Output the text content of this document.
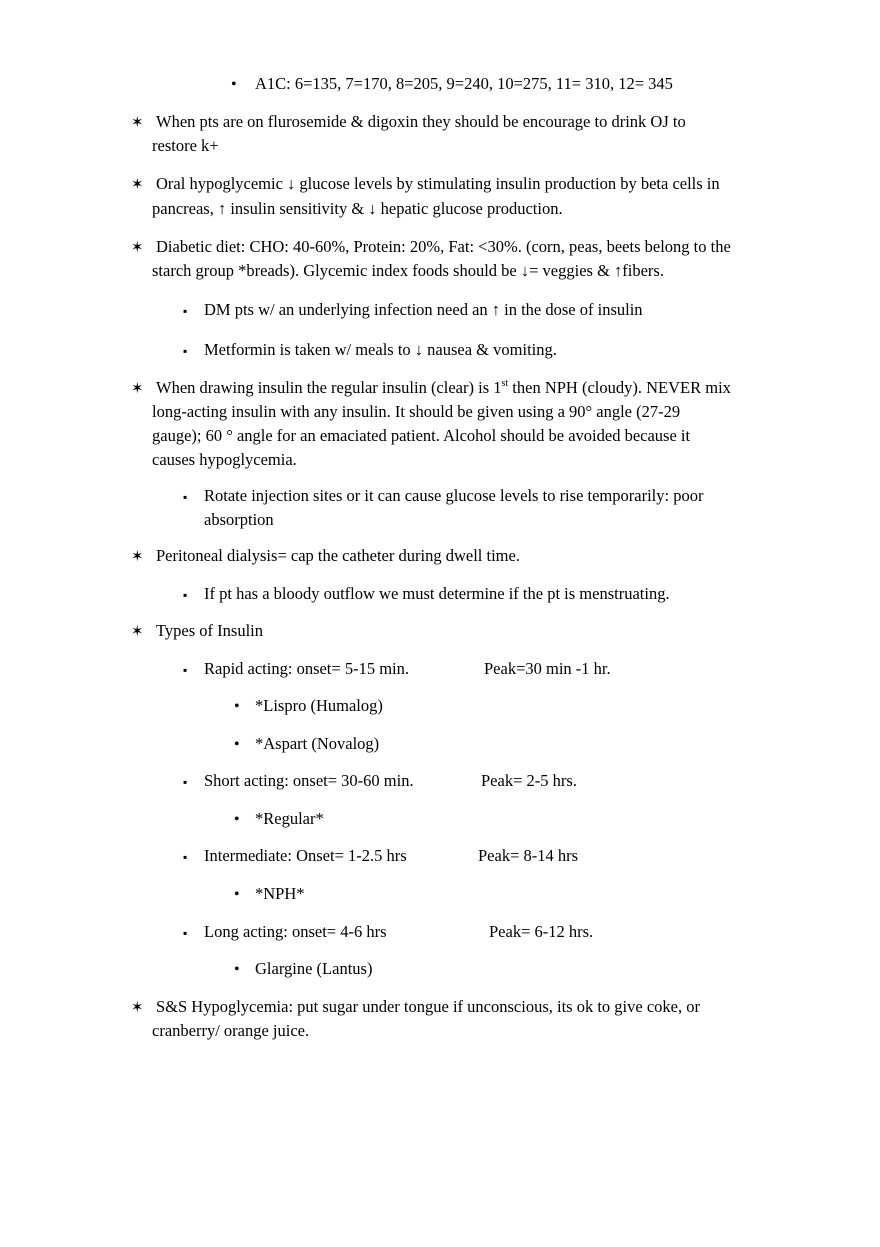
• A1C: 6=135, 7=170, 8=205, 9=240, 10=275, 11= 310, 12= 345
✶ When pts are on flurosemide & digoxin they should be encourage to drink OJ to
restore k+
✶ Oral hypoglycemic ↓ glucose levels by stimulating insulin production by beta cells in
pancreas, ↑ insulin sensitivity & ↓ hepatic glucose production.
✶ Diabetic diet: CHO: 40-60%, Protein: 20%, Fat: <30%. (corn, peas, beets belong to the
starch group *breads). Glycemic index foods should be ↓= veggies & ↑fibers.
▪ DM pts w/ an underlying infection need an ↑ in the dose of insulin
▪ Metformin is taken w/ meals to ↓ nausea & vomiting.
✶ When drawing insulin the regular insulin (clear) is 1st then NPH (cloudy). NEVER mix
long-acting insulin with any insulin. It should be given using a 90° angle (27-29
gauge); 60 ° angle for an emaciated patient. Alcohol should be avoided because it
causes hypoglycemia.
▪ Rotate injection sites or it can cause glucose levels to rise temporarily: poor
absorption
✶ Peritoneal dialysis= cap the catheter during dwell time.
▪ If pt has a bloody outflow we must determine if the pt is menstruating.
✶ Types of Insulin
▪ Rapid acting: onset= 5-15 min.	Peak=30 min -1 hr.
• *Lispro (Humalog)
• *Aspart (Novalog)
▪ Short acting: onset= 30-60 min.	Peak= 2-5 hrs.
• *Regular*
▪ Intermediate: Onset= 1-2.5 hrs	Peak= 8-14 hrs
• *NPH*
▪ Long acting: onset= 4-6 hrs	Peak= 6-12 hrs.
• Glargine (Lantus)
✶ S&S Hypoglycemia: put sugar under tongue if unconscious, its ok to give coke, or
cranberry/ orange juice.
